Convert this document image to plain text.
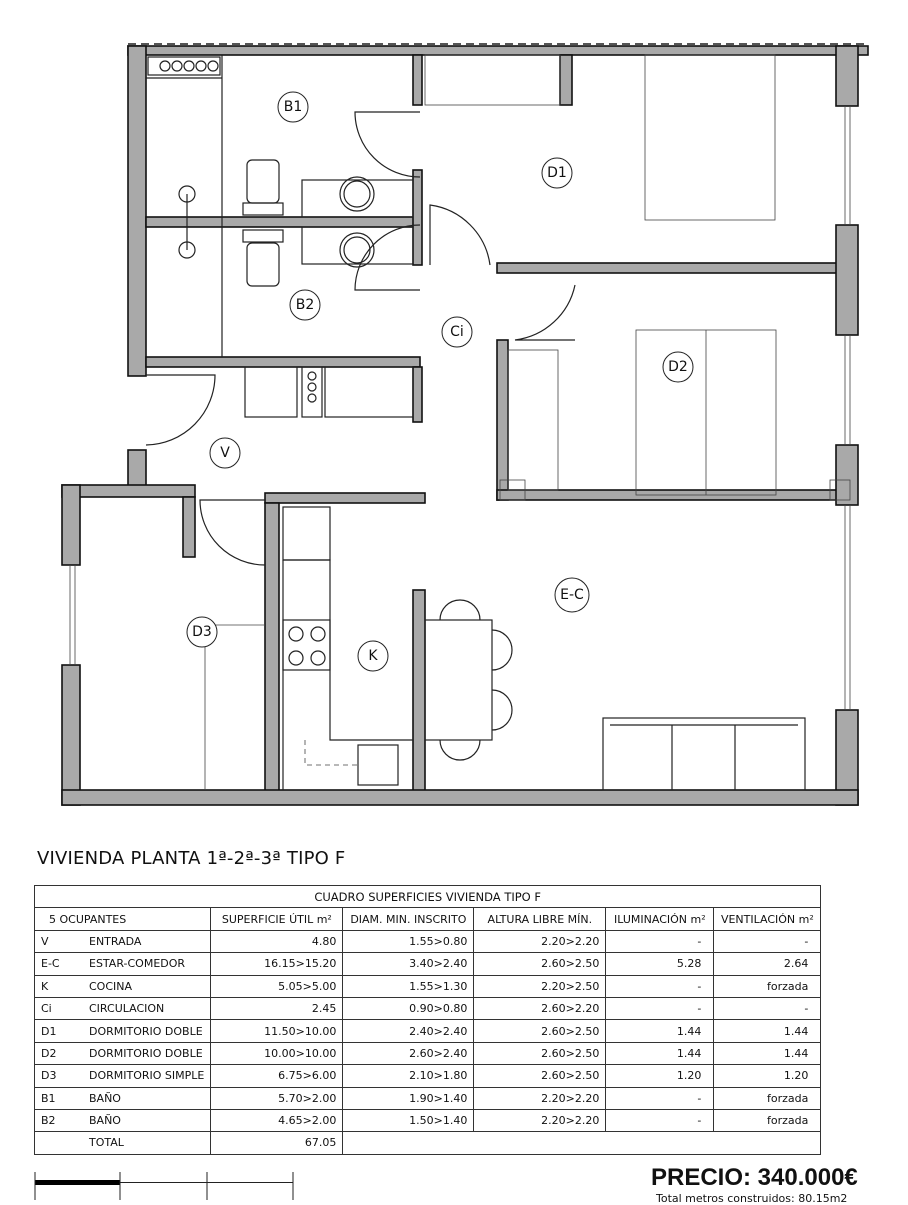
B1
D1
B2
Ci
D2
V
E-C
D3
K
VIVIENDA PLANTA 1ª-2ª-3ª TIPO F
CUADRO SUPERFICIES VIVIENDA TIPO F					
5 OCUPANTES	SUPERFICIE ÚTIL m²	DIAM. MIN. INSCRITO	ALTURA LIBRE MÍN.	ILUMINACIÓN m²	VENTILACIÓN m²
V ENTRADA	4.80	1.55>0.80	2.20>2.20	-	-
E-C ESTAR-COMEDOR	16.15>15.20	3.40>2.40	2.60>2.50	5.28	2.64
K COCINA	5.05>5.00	1.55>1.30	2.20>2.50	-	forzada
Ci CIRCULACION	2.45	0.90>0.80	2.60>2.20	-	-
D1 DORMITORIO DOBLE	11.50>10.00	2.40>2.40	2.60>2.50	1.44	1.44
D2 DORMITORIO DOBLE	10.00>10.00	2.60>2.40	2.60>2.50	1.44	1.44
D3 DORMITORIO SIMPLE	6.75>6.00	2.10>1.80	2.60>2.50	1.20	1.20
B1 BAÑO	5.70>2.00	1.90>1.40	2.20>2.20	-	forzada
B2 BAÑO	4.65>2.00	1.50>1.40	2.20>2.20	-	forzada
TOTAL	67.05				
PRECIO: 340.000€
Total metros construidos: 80.15m2
